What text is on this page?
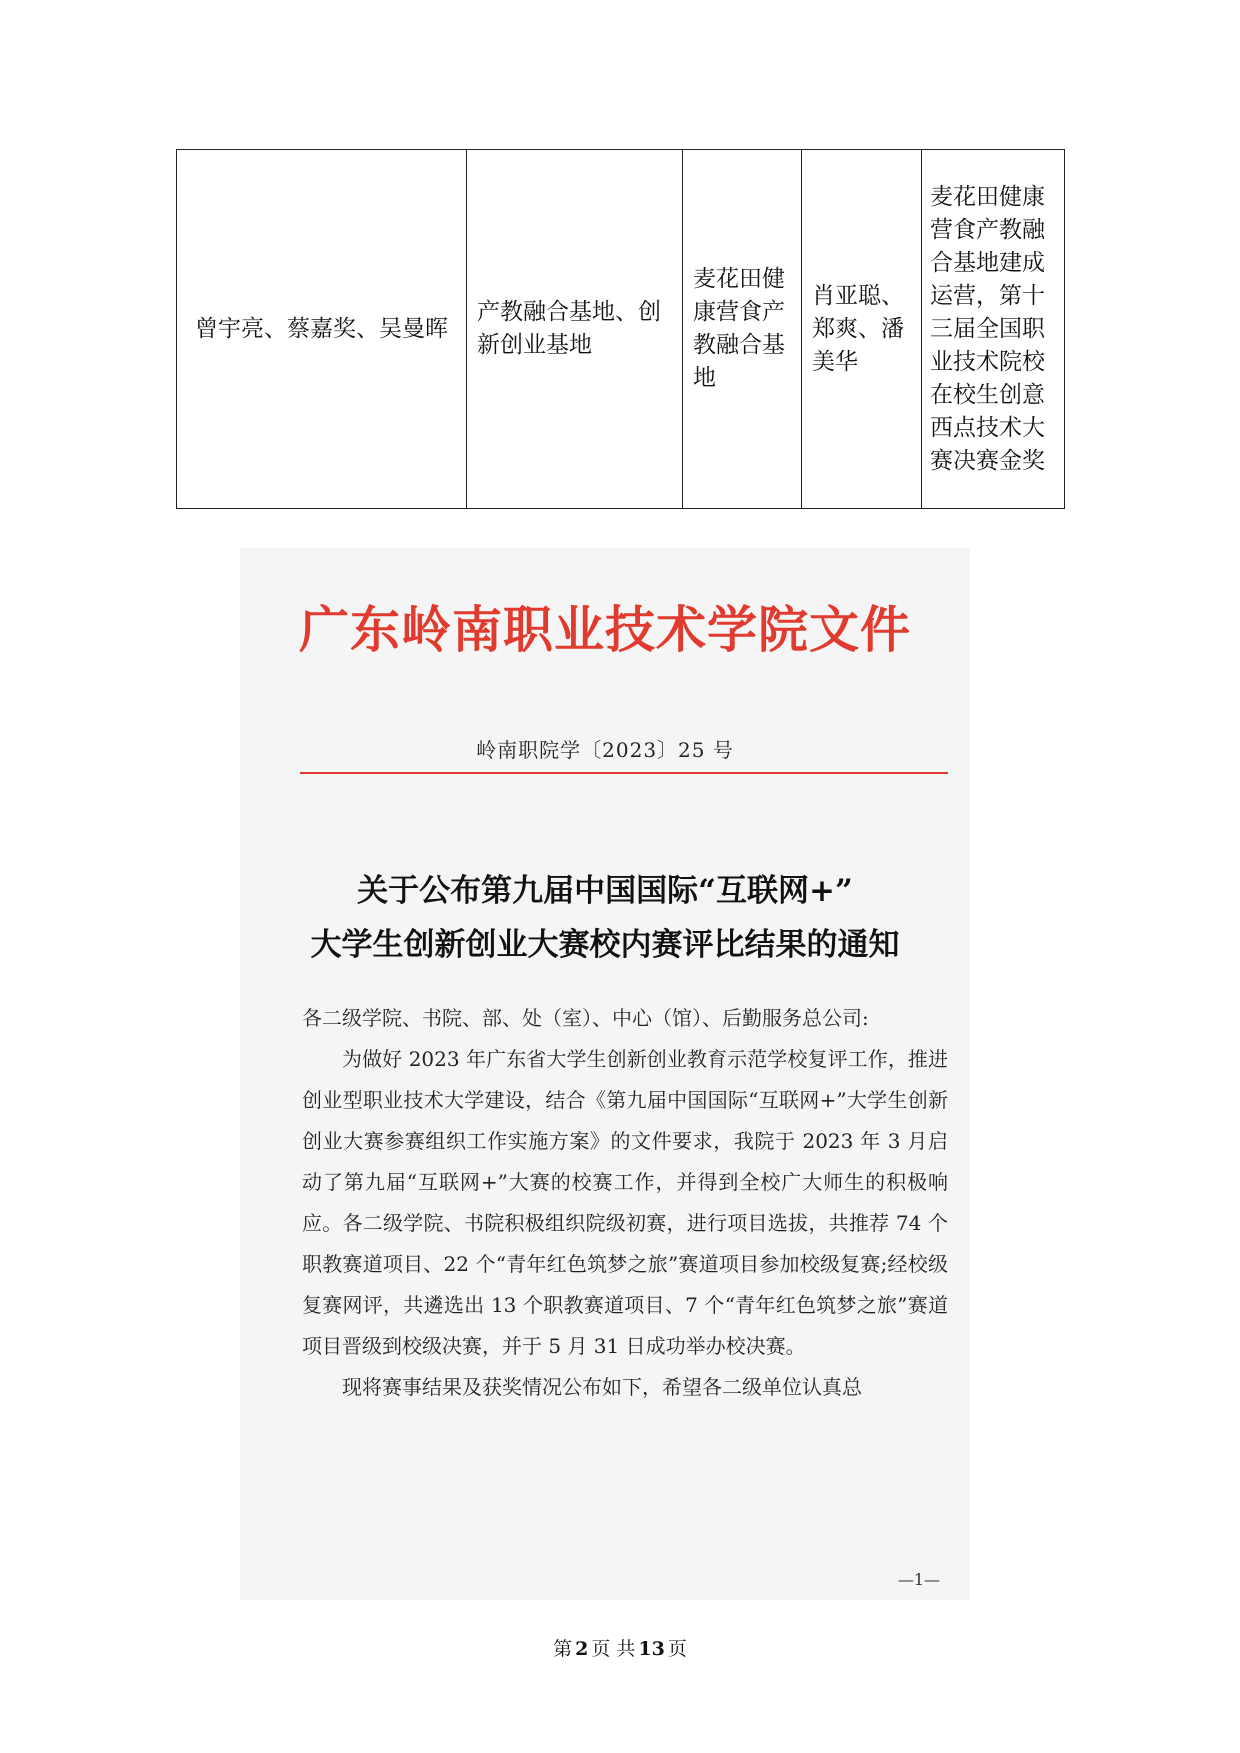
曾宇亮、蔡嘉奖、吴曼晖	产教融合基地、创新创业基地	麦花田健康营食产教融合基地	肖亚聪、郑爽、潘美华	麦花田健康营食产教融合基地建成运营，第十三届全国职业技术院校在校生创意西点技术大赛决赛金奖
广东岭南职业技术学院文件
岭南职院学〔2023〕25 号
关于公布第九届中国国际“互联网+”
大学生创新创业大赛校内赛评比结果的通知

各二级学院、书院、部、处（室）、中心（馆）、后勤服务总公司:

为做好 2023 年广东省大学生创新创业教育示范学校复评工作，推进创业型职业技术大学建设，结合《第九届中国国际“互联网+”大学生创新创业大赛参赛组织工作实施方案》的文件要求，我院于 2023 年 3 月启动了第九届“互联网+”大赛的校赛工作，并得到全校广大师生的积极响应。各二级学院、书院积极组织院级初赛，进行项目选拔，共推荐 74 个职教赛道项目、22 个“青年红色筑梦之旅”赛道项目参加校级复赛;经校级复赛网评，共遴选出 13 个职教赛道项目、7 个“青年红色筑梦之旅”赛道项目晋级到校级决赛，并于 5 月 31 日成功举办校决赛。

现将赛事结果及获奖情况公布如下，希望各二级单位认真总

—1—
第 2 页 共 13 页
